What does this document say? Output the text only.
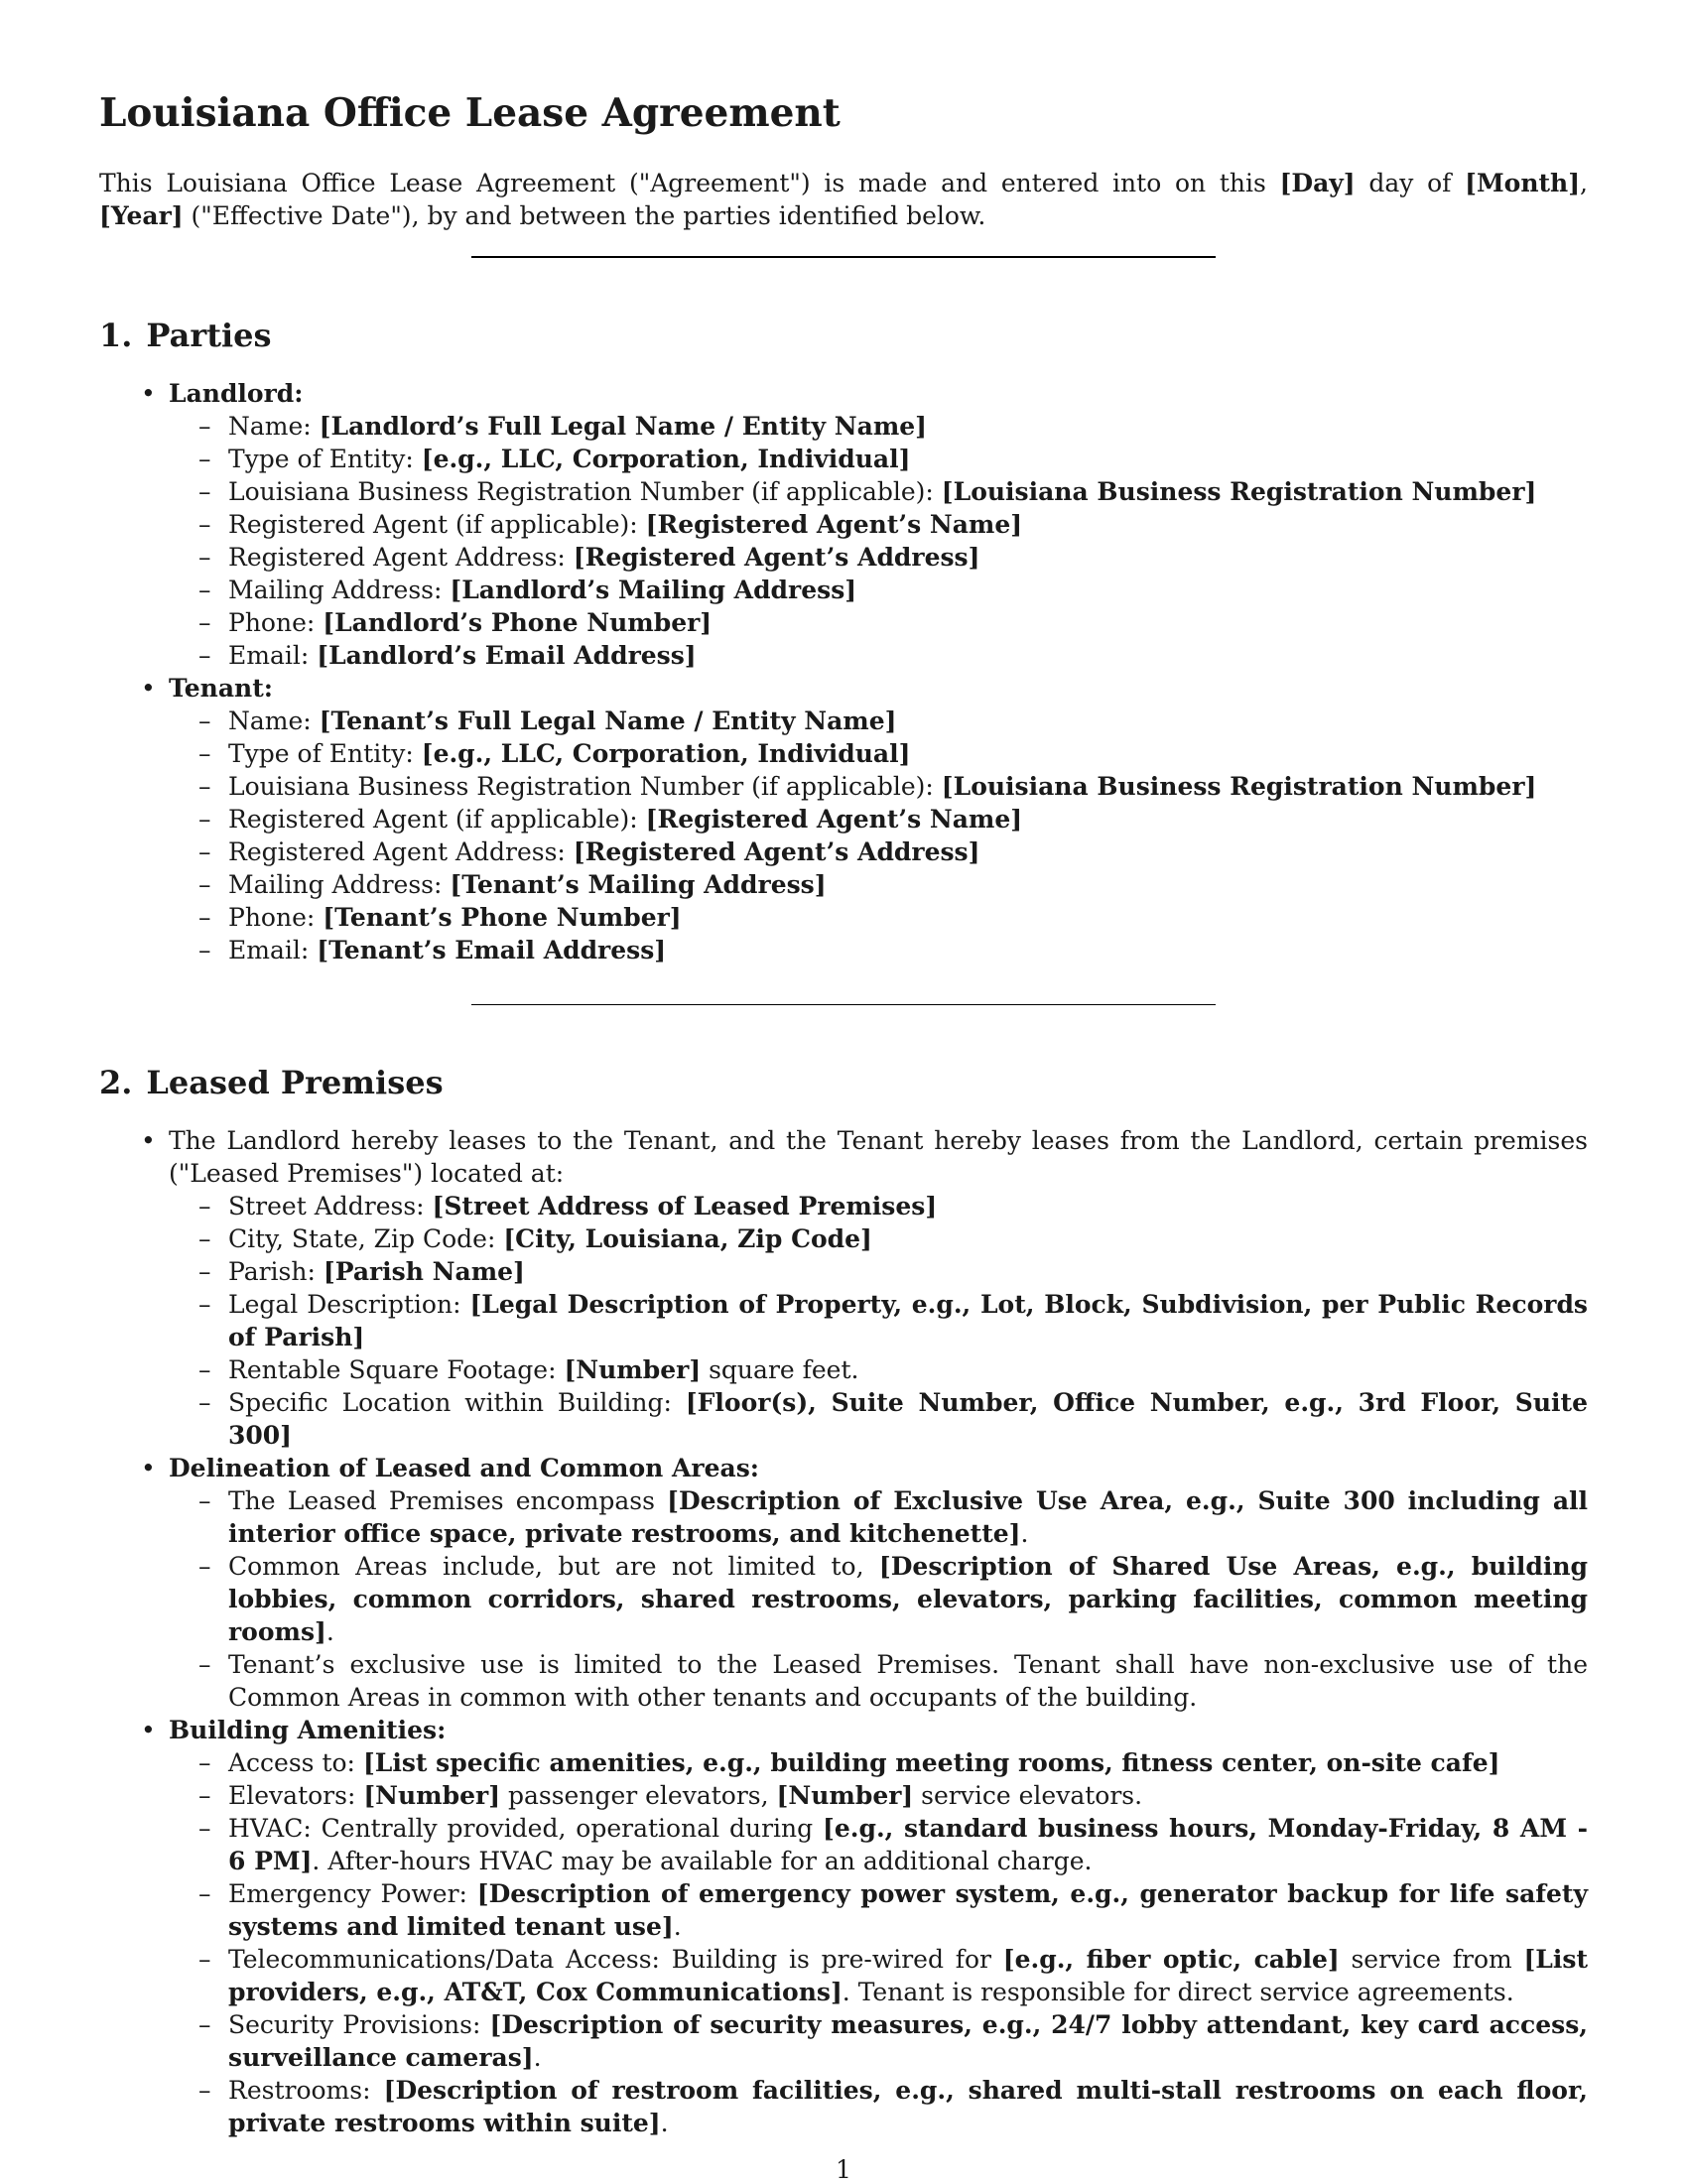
Louisiana Office Lease Agreement

This Louisiana Office Lease Agreement ("Agreement") is made and entered into on this [Day] day of [Month], [Year] ("Effective Date"), by and between the parties identified below.

1. Parties
• Landlord:
– Name: [Landlord’s Full Legal Name / Entity Name]
– Type of Entity: [e.g., LLC, Corporation, Individual]
– Louisiana Business Registration Number (if applicable): [Louisiana Business Registration Number]
– Registered Agent (if applicable): [Registered Agent’s Name]
– Registered Agent Address: [Registered Agent’s Address]
– Mailing Address: [Landlord’s Mailing Address]
– Phone: [Landlord’s Phone Number]
– Email: [Landlord’s Email Address]
• Tenant:
– Name: [Tenant’s Full Legal Name / Entity Name]
– Type of Entity: [e.g., LLC, Corporation, Individual]
– Louisiana Business Registration Number (if applicable): [Louisiana Business Registration Number]
– Registered Agent (if applicable): [Registered Agent’s Name]
– Registered Agent Address: [Registered Agent’s Address]
– Mailing Address: [Tenant’s Mailing Address]
– Phone: [Tenant’s Phone Number]
– Email: [Tenant’s Email Address]
2. Leased Premises
• The Landlord hereby leases to the Tenant, and the Tenant hereby leases from the Landlord, certain premises ("Leased Premises") located at:
– Street Address: [Street Address of Leased Premises]
– City, State, Zip Code: [City, Louisiana, Zip Code]
– Parish: [Parish Name]
– Legal Description: [Legal Description of Property, e.g., Lot, Block, Subdivision, per Public Records of Parish]
– Rentable Square Footage: [Number] square feet.
– Specific Location within Building: [Floor(s), Suite Number, Office Number, e.g., 3rd Floor, Suite 300]
• Delineation of Leased and Common Areas:
– The Leased Premises encompass [Description of Exclusive Use Area, e.g., Suite 300 including all interior office space, private restrooms, and kitchenette].
– Common Areas include, but are not limited to, [Description of Shared Use Areas, e.g., building lobbies, common corridors, shared restrooms, elevators, parking facilities, common meeting rooms].
– Tenant’s exclusive use is limited to the Leased Premises. Tenant shall have non-exclusive use of the Common Areas in common with other tenants and occupants of the building.
• Building Amenities:
– Access to: [List specific amenities, e.g., building meeting rooms, fitness center, on-site cafe]
– Elevators: [Number] passenger elevators, [Number] service elevators.
– HVAC: Centrally provided, operational during [e.g., standard business hours, Monday-Friday, 8 AM - 6 PM]. After-hours HVAC may be available for an additional charge.
– Emergency Power: [Description of emergency power system, e.g., generator backup for life safety systems and limited tenant use].
– Telecommunications/Data Access: Building is pre-wired for [e.g., fiber optic, cable] service from [List providers, e.g., AT&T, Cox Communications]. Tenant is responsible for direct service agreements.
– Security Provisions: [Description of security measures, e.g., 24/7 lobby attendant, key card access, surveillance cameras].
– Restrooms: [Description of restroom facilities, e.g., shared multi-stall restrooms on each floor, private restrooms within suite].
1
